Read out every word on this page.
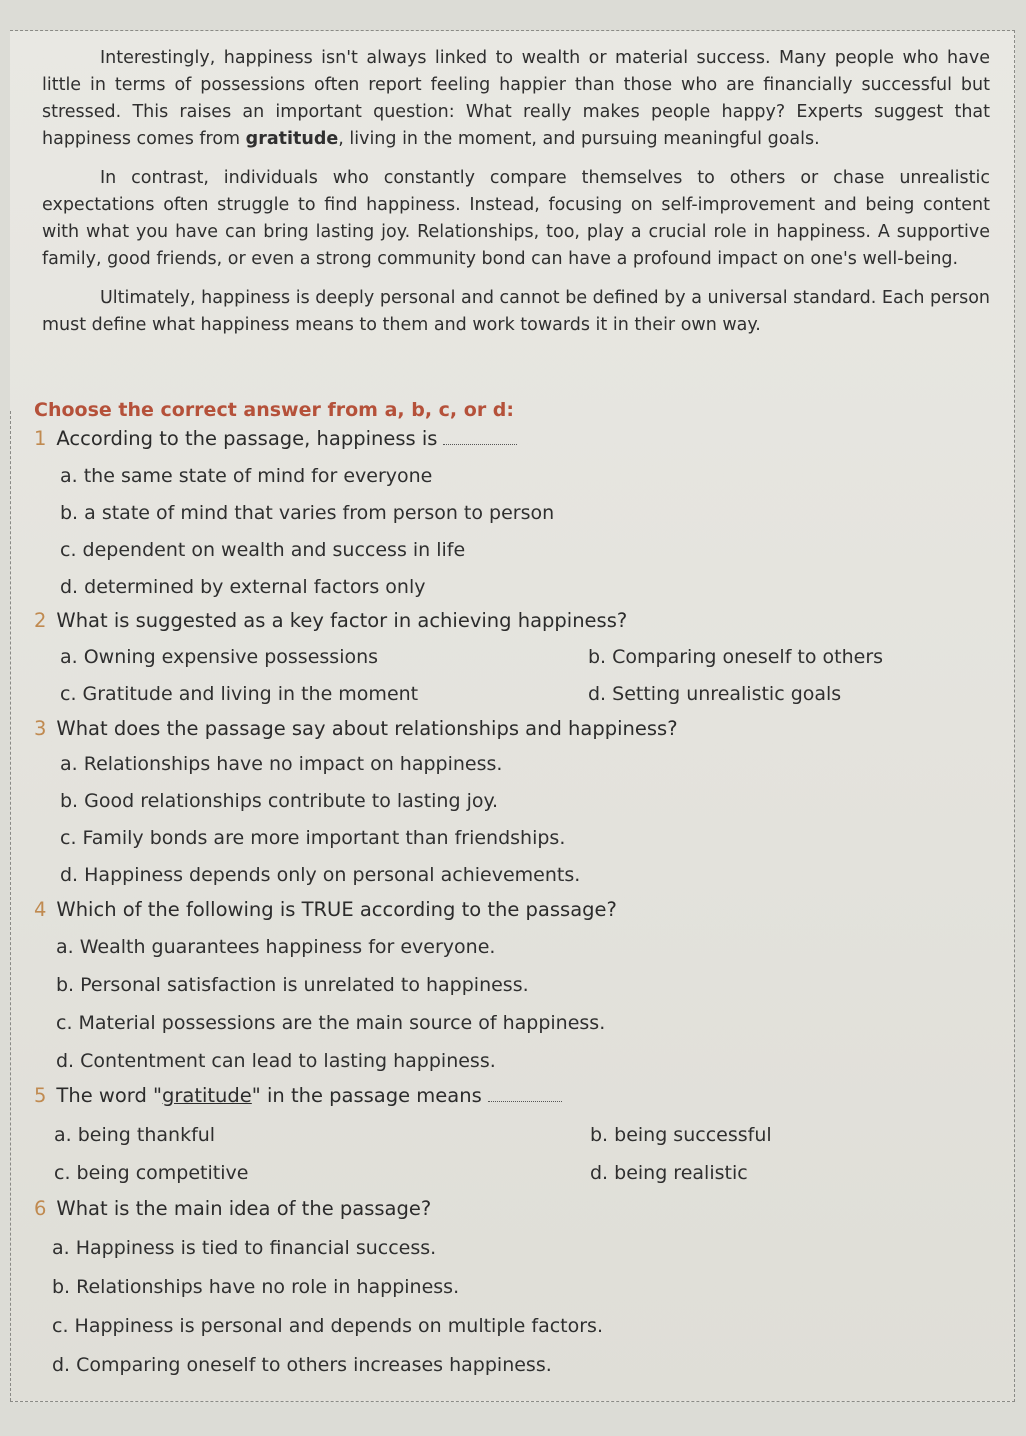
Interestingly, happiness isn't always linked to wealth or material success. Many people who have little in terms of possessions often report feeling happier than those who are financially successful but stressed. This raises an important question: What really makes people happy? Experts suggest that happiness comes from gratitude, living in the moment, and pursuing meaningful goals.

In contrast, individuals who constantly compare themselves to others or chase unrealistic expectations often struggle to find happiness. Instead, focusing on self-improvement and being content with what you have can bring lasting joy. Relationships, too, play a crucial role in happiness. A supportive family, good friends, or even a strong community bond can have a profound impact on one's well-being.

Ultimately, happiness is deeply personal and cannot be defined by a universal standard. Each person must define what happiness means to them and work towards it in their own way.

Choose the correct answer from a, b, c, or d:
1 According to the passage, happiness is
a. the same state of mind for everyone
b. a state of mind that varies from person to person
c. dependent on wealth and success in life
d. determined by external factors only
2 What is suggested as a key factor in achieving happiness?
a. Owning expensive possessions	b. Comparing oneself to others
c. Gratitude and living in the moment	d. Setting unrealistic goals
3 What does the passage say about relationships and happiness?
a. Relationships have no impact on happiness.
b. Good relationships contribute to lasting joy.
c. Family bonds are more important than friendships.
d. Happiness depends only on personal achievements.
4 Which of the following is TRUE according to the passage?
a. Wealth guarantees happiness for everyone.
b. Personal satisfaction is unrelated to happiness.
c. Material possessions are the main source of happiness.
d. Contentment can lead to lasting happiness.
5 The word "gratitude" in the passage means
a. being thankful	b. being successful
c. being competitive	d. being realistic
6 What is the main idea of the passage?
a. Happiness is tied to financial success.
b. Relationships have no role in happiness.
c. Happiness is personal and depends on multiple factors.
d. Comparing oneself to others increases happiness.
